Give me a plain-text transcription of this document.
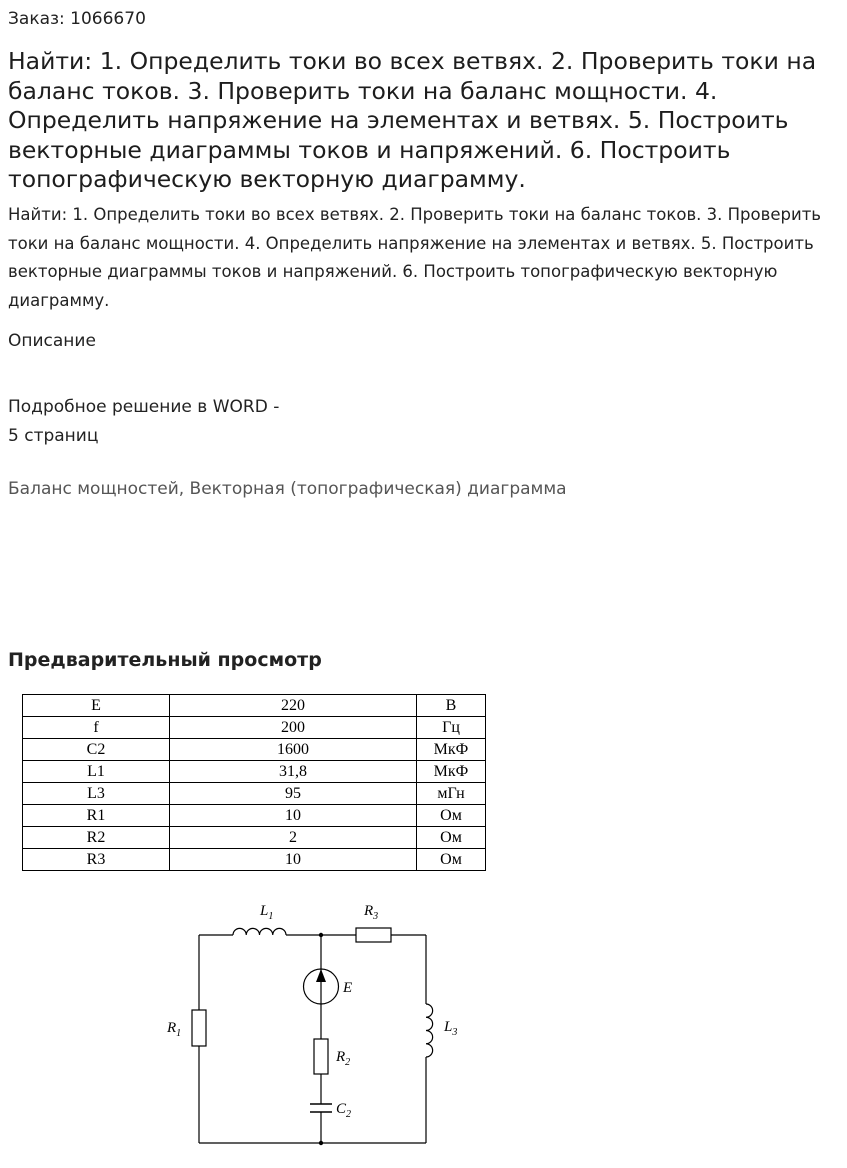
Заказ: 1066670
Найти: 1. Определить токи во всех ветвях. 2. Проверить токи на баланс токов. 3. Проверить токи на баланс мощности. 4. Определить напряжение на элементах и ветвях. 5. Построить векторные диаграммы токов и напряжений. 6. Построить топографическую векторную диаграмму.
Найти: 1. Определить токи во всех ветвях. 2. Проверить токи на баланс токов. 3. Проверить токи на баланс мощности. 4. Определить напряжение на элементах и ветвях. 5. Построить векторные диаграммы токов и напряжений. 6. Построить топографическую векторную диаграмму.
Описание
Подробное решение в WORD -
5 страниц
Баланс мощностей, Векторная (топографическая) диаграмма
Предварительный просмотр
E	220	В
f	200	Гц
C2	1600	МкФ
L1	31,8	МкФ
L3	95	мГн
R1	10	Ом
R2	2	Ом
R3	10	Ом
$L_1$	$R_3$
E
$R_1$	$L_3$
$R_2$
$C_2$
